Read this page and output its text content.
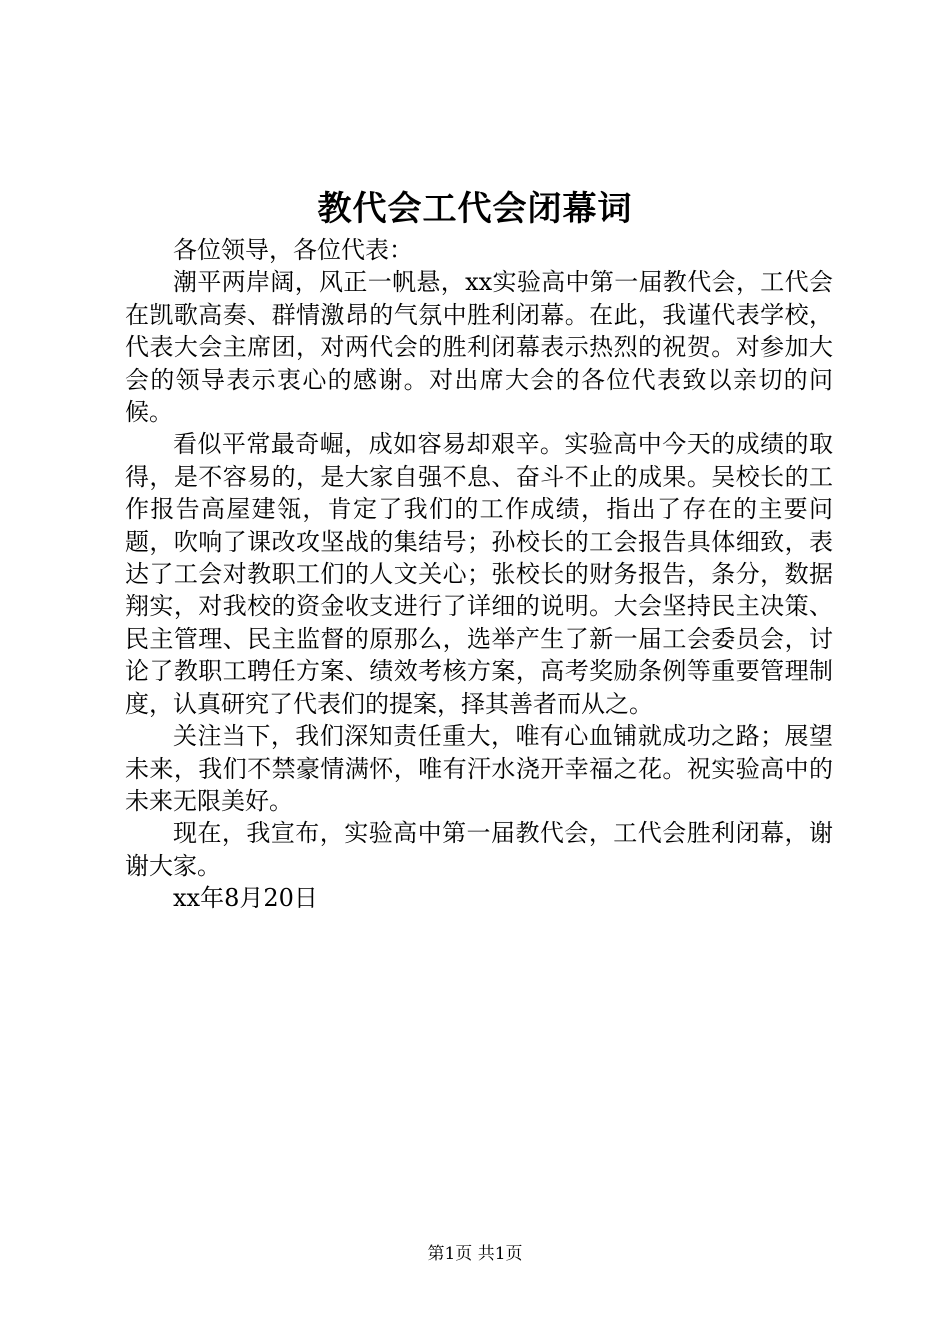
教代会工代会闭幕词

各位领导，各位代表：

潮平两岸阔，风正一帆悬，xx实验高中第一届教代会，工代会在凯歌高奏、群情激昂的气氛中胜利闭幕。在此，我谨代表学校，代表大会主席团，对两代会的胜利闭幕表示热烈的祝贺。对参加大会的领导表示衷心的感谢。对出席大会的各位代表致以亲切的问候。

看似平常最奇崛，成如容易却艰辛。实验高中今天的成绩的取得，是不容易的，是大家自强不息、奋斗不止的成果。吴校长的工作报告高屋建瓴，肯定了我们的工作成绩，指出了存在的主要问题，吹响了课改攻坚战的集结号；孙校长的工会报告具体细致，表达了工会对教职工们的人文关心；张校长的财务报告，条分，数据翔实，对我校的资金收支进行了详细的说明。大会坚持民主决策、民主管理、民主监督的原那么，选举产生了新一届工会委员会，讨论了教职工聘任方案、绩效考核方案，高考奖励条例等重要管理制度，认真研究了代表们的提案，择其善者而从之。

关注当下，我们深知责任重大，唯有心血铺就成功之路；展望未来，我们不禁豪情满怀，唯有汗水浇开幸福之花。祝实验高中的未来无限美好。

现在，我宣布，实验高中第一届教代会，工代会胜利闭幕，谢谢大家。

xx年8月20日

第1页 共1页
